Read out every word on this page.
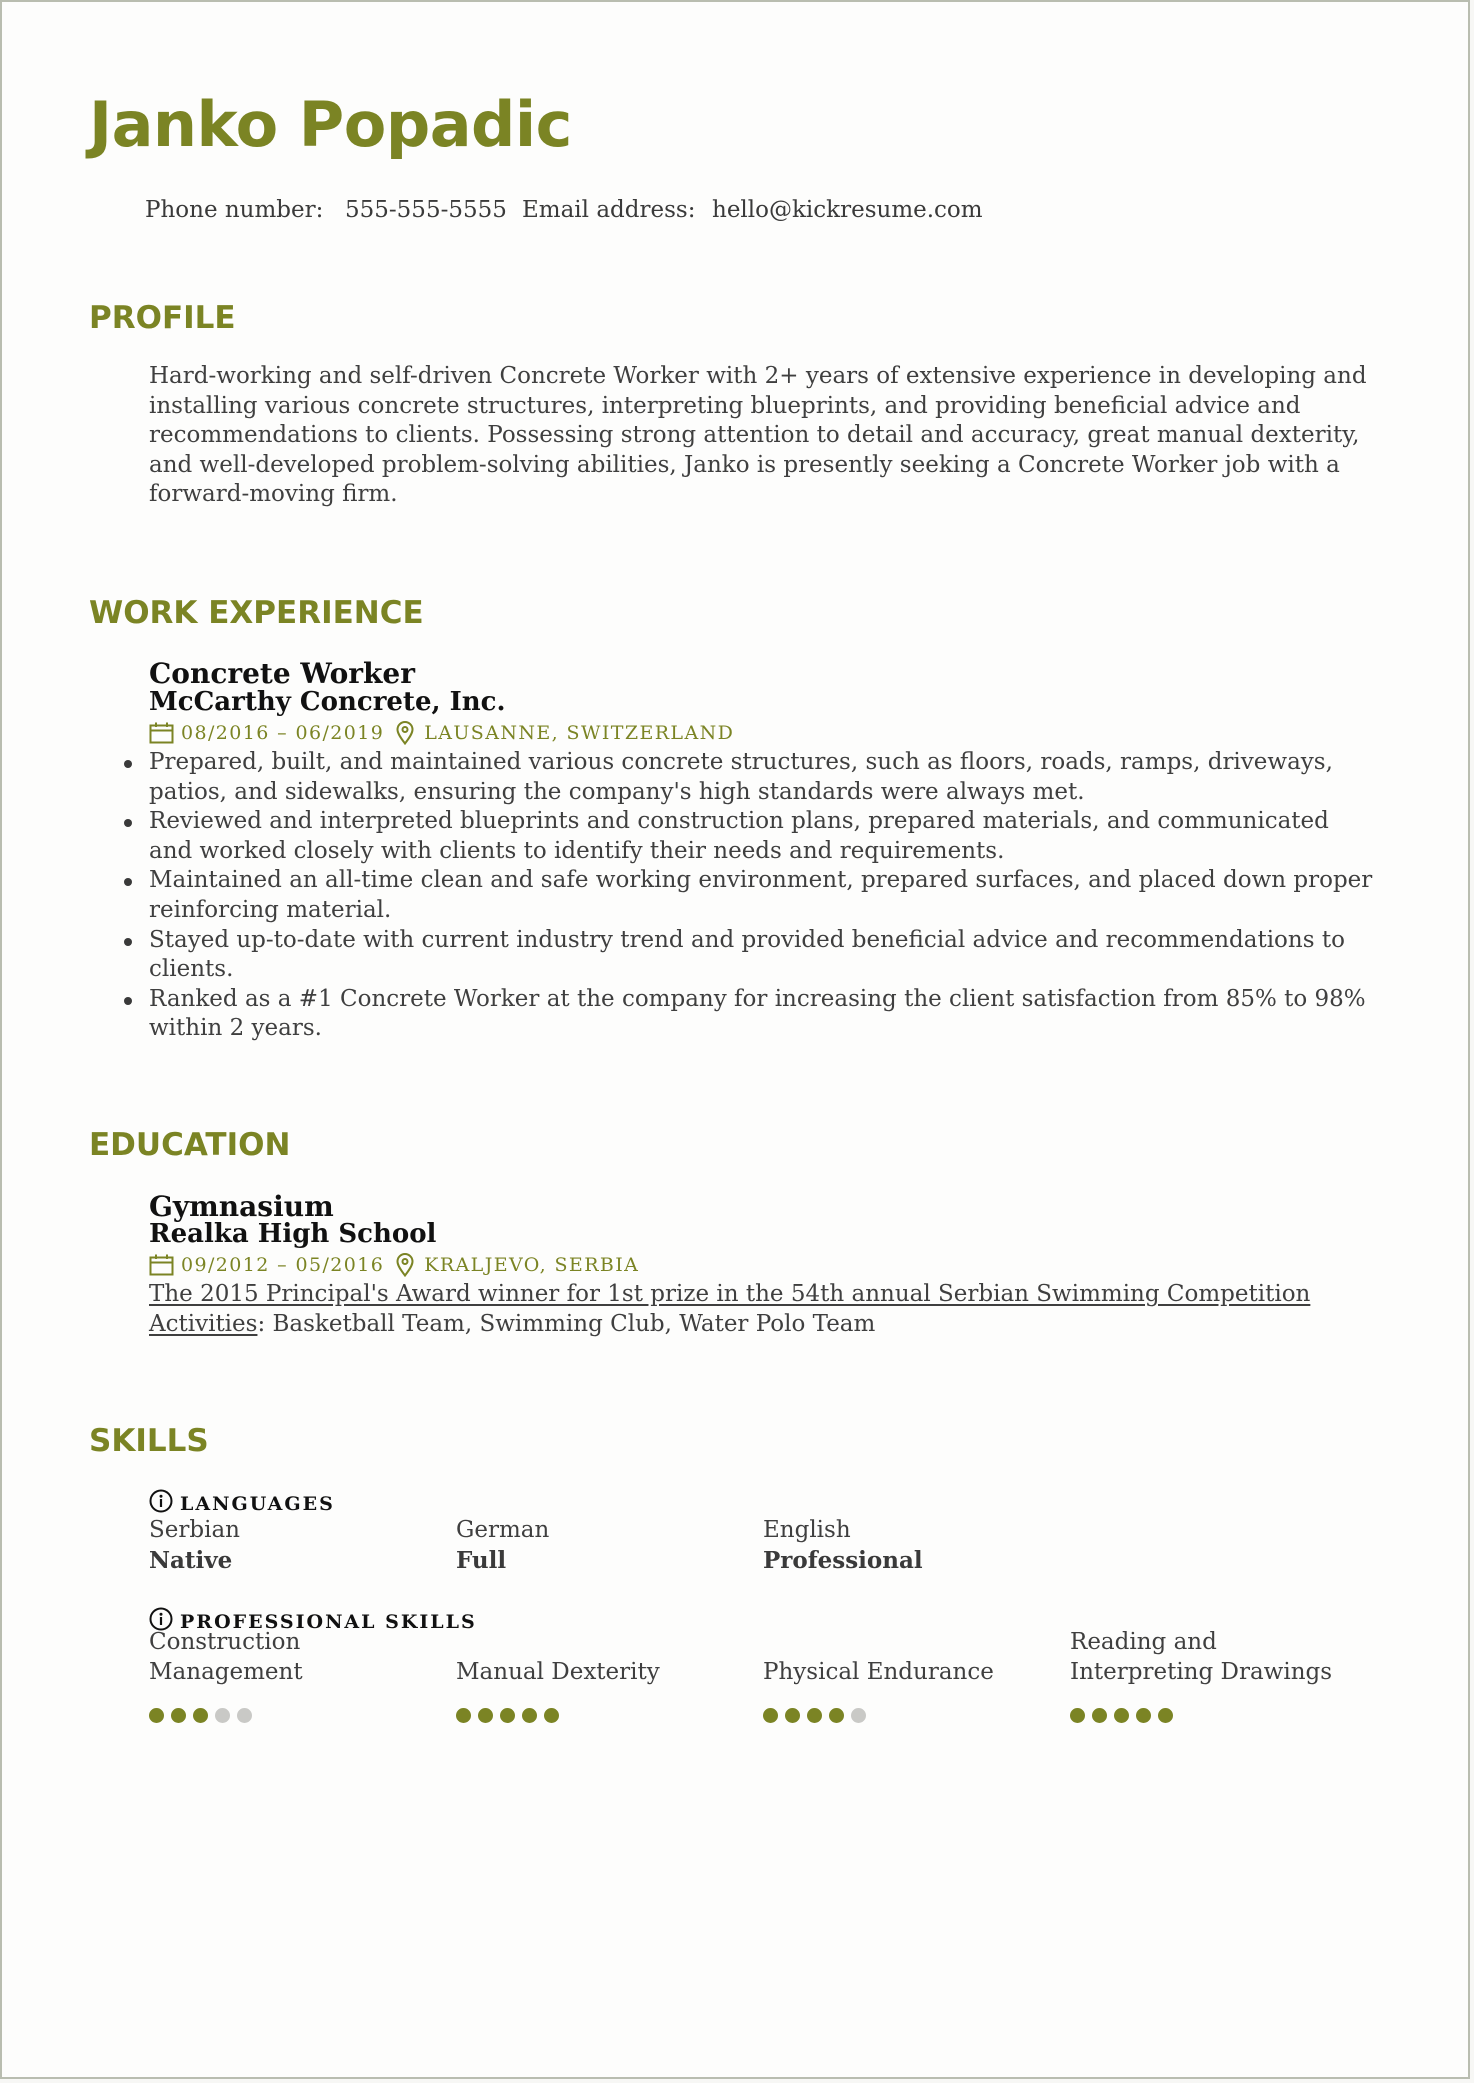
Janko Popadic
Phone number: 555-555-5555 Email address: hello@kickresume.com
PROFILE
Hard-working and self-driven Concrete Worker with 2+ years of extensive experience in developing and installing various concrete structures, interpreting blueprints, and providing beneficial advice and recommendations to clients. Possessing strong attention to detail and accuracy, great manual dexterity, and well-developed problem-solving abilities, Janko is presently seeking a Concrete Worker job with a forward-moving firm.
WORK EXPERIENCE
Concrete Worker
McCarthy Concrete, Inc.
08/2016 – 06/2019 LAUSANNE, SWITZERLAND
Prepared, built, and maintained various concrete structures, such as floors, roads, ramps, driveways, patios, and sidewalks, ensuring the company's high standards were always met.
Reviewed and interpreted blueprints and construction plans, prepared materials, and communicated and worked closely with clients to identify their needs and requirements.
Maintained an all-time clean and safe working environment, prepared surfaces, and placed down proper reinforcing material.
Stayed up-to-date with current industry trend and provided beneficial advice and recommendations to clients.
Ranked as a #1 Concrete Worker at the company for increasing the client satisfaction from 85% to 98% within 2 years.
EDUCATION
Gymnasium
Realka High School
09/2012 – 05/2016 KRALJEVO, SERBIA
The 2015 Principal's Award winner for 1st prize in the 54th annual Serbian Swimming Competition
Activities: Basketball Team, Swimming Club, Water Polo Team
SKILLS
LANGUAGES
Serbian
Native
German
Full
English
Professional
PROFESSIONAL SKILLS
Construction Management	Manual Dexterity	Physical Endurance
Reading and Interpreting Drawings
